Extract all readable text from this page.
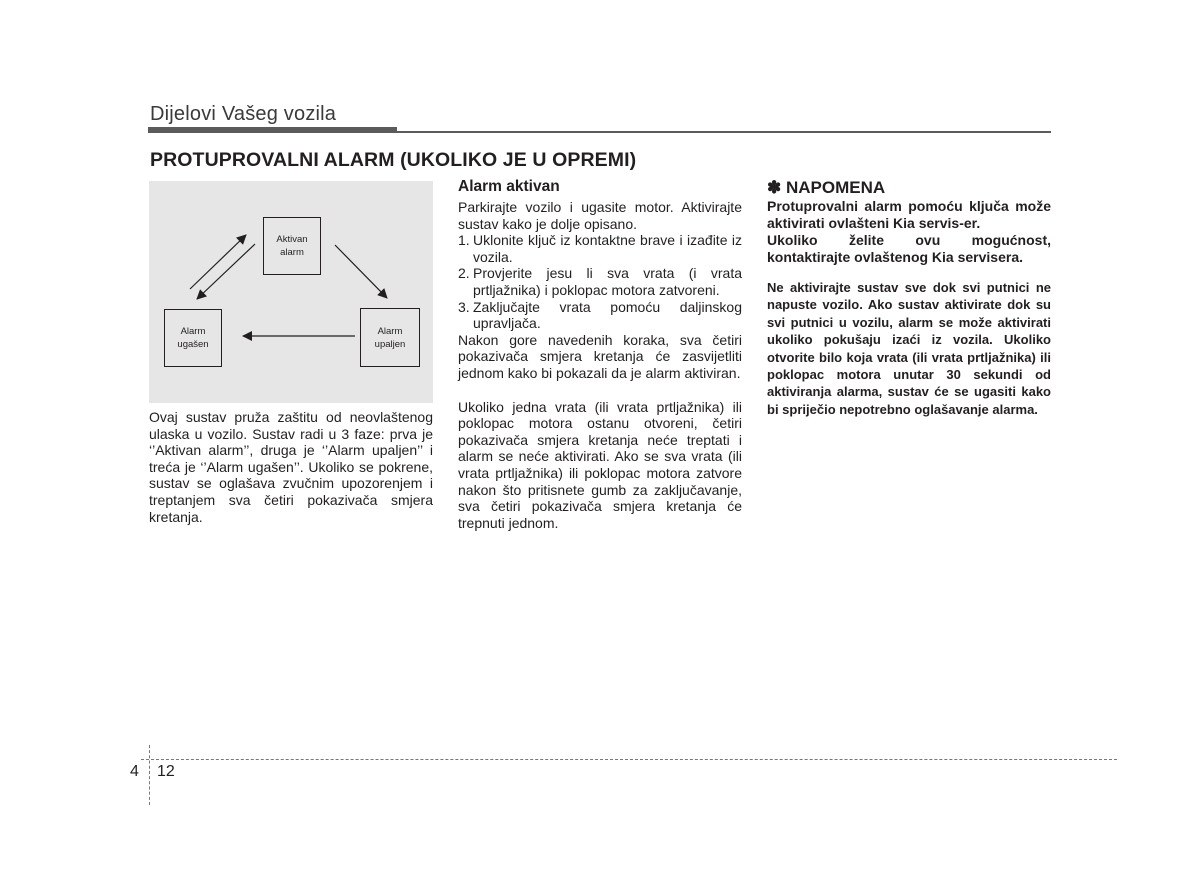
Dijelovi Vašeg vozila
PROTUPROVALNI ALARM (UKOLIKO JE U OPREMI)
Aktivan
alarm
Alarm
ugašen
Alarm
upaljen
Ovaj sustav pruža zaštitu od neovlaštenog ulaska u vozilo. Sustav radi u 3 faze: prva je ‘’Aktivan alarm’’, druga je ‘’Alarm upaljen’’ i treća je ‘’Alarm ugašen’’. Ukoliko se pokrene, sustav se oglašava zvučnim upozorenjem i treptanjem sva četiri pokazivača smjera kretanja.
Alarm aktivan
Parkirajte vozilo i ugasite motor. Aktivirajte sustav kako je dolje opisano.
1. Uklonite ključ iz kontaktne brave i izađite iz vozila.
2. Provjerite jesu li sva vrata (i vrata prtljažnika) i poklopac motora zatvoreni.
3. Zaključajte vrata pomoću daljinskog upravljača.
Nakon gore navedenih koraka, sva četiri pokazivača smjera kretanja će zasvijetliti jednom kako bi pokazali da je alarm aktiviran.
Ukoliko jedna vrata (ili vrata prtljažnika) ili poklopac motora ostanu otvoreni, četiri pokazivača smjera kretanja neće treptati i alarm se neće aktivirati. Ako se sva vrata (ili vrata prtljažnika) ili poklopac motora zatvore nakon što pritisnete gumb za zaključavanje, sva četiri pokazivača smjera kretanja će trepnuti jednom.
✽ NAPOMENA
Protuprovalni alarm pomoću ključa može aktivirati ovlašteni Kia servis-er.
Ukoliko želite ovu mogućnost, kontaktirajte ovlaštenog Kia servisera.
Ne aktivirajte sustav sve dok svi putnici ne napuste vozilo. Ako sustav aktivirate dok su svi putnici u vozilu, alarm se može aktivirati ukoliko pokušaju izaći iz vozila. Ukoliko otvorite bilo koja vrata (ili vrata prtljažnika) ili poklopac motora unutar 30 sekundi od aktiviranja alarma, sustav će se ugasiti kako bi spriječio nepotrebno oglašavanje alarma.
4 12
